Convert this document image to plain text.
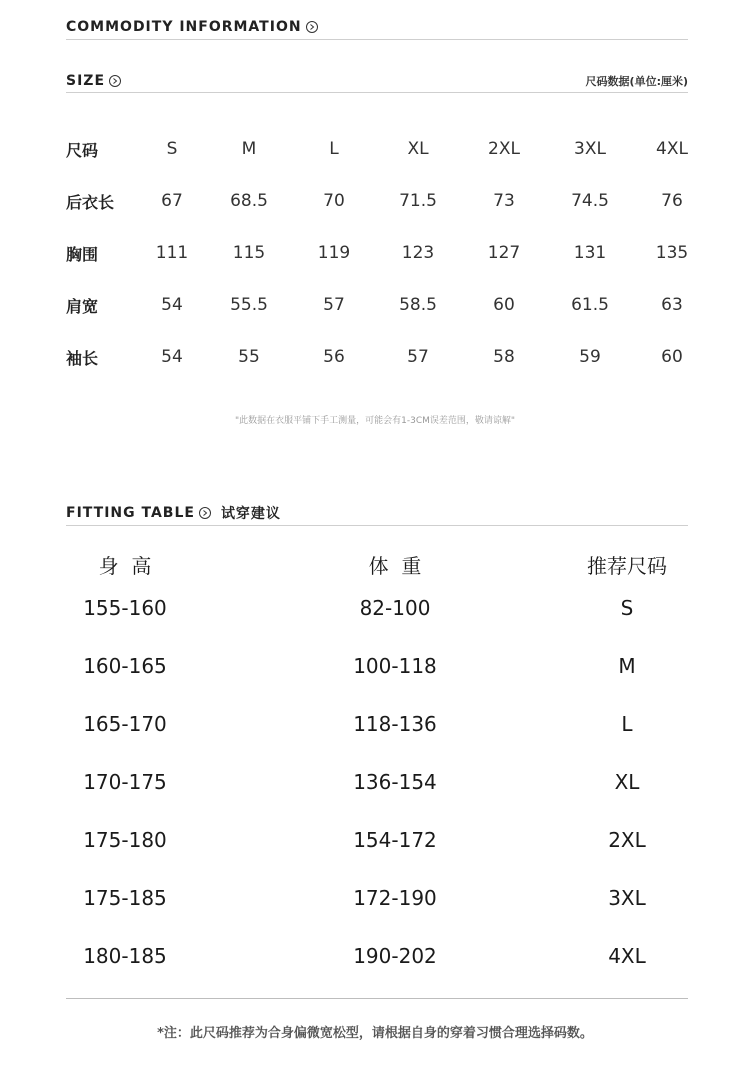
COMMODITY INFORMATION
SIZE	尺码数据(单位:厘米)
尺码	S	M	L	XL	2XL	3XL	4XL
后衣长	67	68.5	70	71.5	73	74.5	76
胸围	111	115	119	123	127	131	135
肩宽	54	55.5	57	58.5	60	61.5	63
袖长	54	55	56	57	58	59	60
"此数据在衣服平铺下手工测量，可能会有1-3CM误差范围，敬请谅解"
FITTING TABLE 试穿建议
身  高	体  重	推荐尺码
155-160	82-100	S
160-165	100-118	M
165-170	118-136	L
170-175	136-154	XL
175-180	154-172	2XL
175-185	172-190	3XL
180-185	190-202	4XL
*注：此尺码推荐为合身偏微宽松型，请根据自身的穿着习惯合理选择码数。
